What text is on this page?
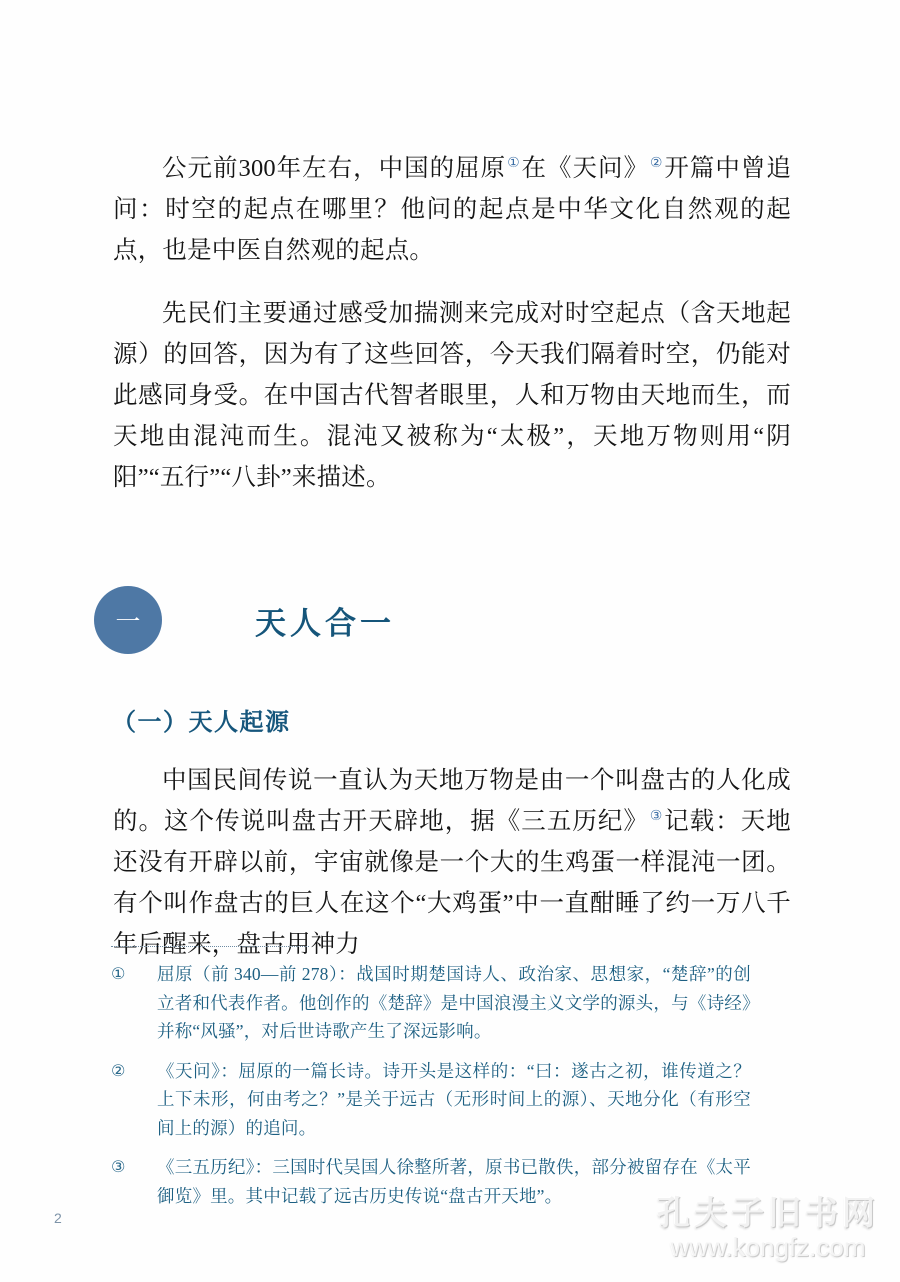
公元前300年左右，中国的屈原①在《天问》②开篇中曾追问：时空的起点在哪里？他问的起点是中华文化自然观的起点，也是中医自然观的起点。

先民们主要通过感受加揣测来完成对时空起点（含天地起源）的回答，因为有了这些回答，今天我们隔着时空，仍能对此感同身受。在中国古代智者眼里，人和万物由天地而生，而天地由混沌而生。混沌又被称为“太极”，天地万物则用“阴阳”“五行”“八卦”来描述。

一	天人合一
（一）天人起源

中国民间传说一直认为天地万物是由一个叫盘古的人化成的。这个传说叫盘古开天辟地，据《三五历纪》③记载：天地还没有开辟以前，宇宙就像是一个大的生鸡蛋一样混沌一团。有个叫作盘古的巨人在这个“大鸡蛋”中一直酣睡了约一万八千年后醒来，盘古用神力

①	屈原（前 340—前 278）：战国时期楚国诗人、政治家、思想家，“楚辞”的创立者和代表作者。他创作的《楚辞》是中国浪漫主义文学的源头，与《诗经》并称“风骚”，对后世诗歌产生了深远影响。
②	《天问》：屈原的一篇长诗。诗开头是这样的：“曰：遂古之初，谁传道之？上下未形，何由考之？”是关于远古（无形时间上的源）、天地分化（有形空间上的源）的追问。
③	《三五历纪》：三国时代吴国人徐整所著，原书已散佚，部分被留存在《太平御览》里。其中记载了远古历史传说“盘古开天地”。
2	孔夫子旧书网
www.kongfz.com
